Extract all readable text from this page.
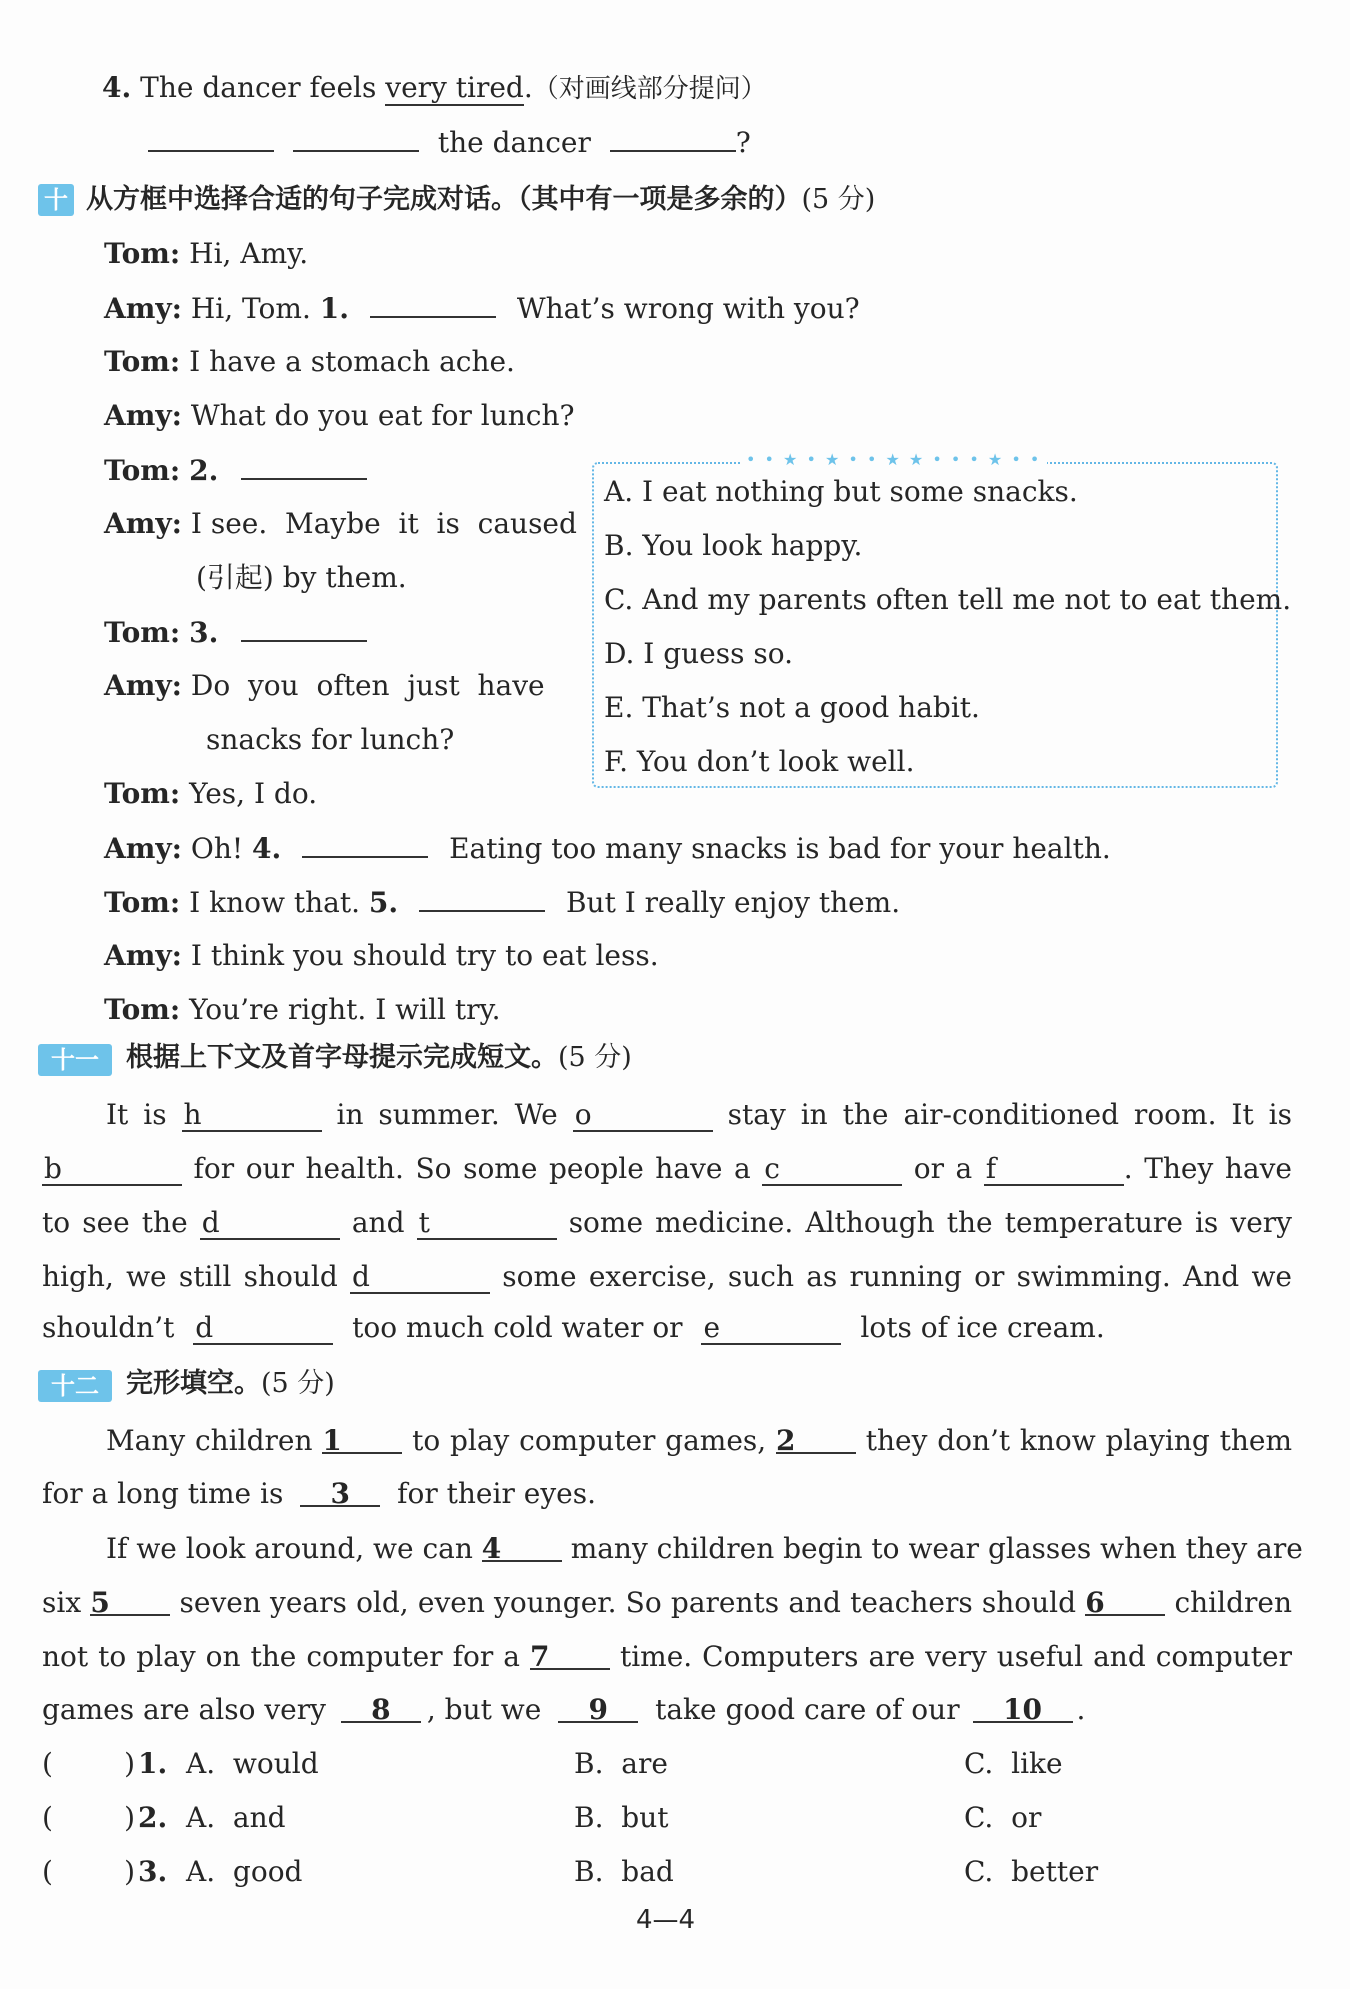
4. The dancer feels very tired.（对画线部分提问）
the dancer	?
十 从方框中选择合适的句子完成对话。（其中有一项是多余的）(5 分)
Tom: Hi, Amy.
Amy: Hi, Tom. 1.	What’s wrong with you?
Tom: I have a stomach ache.
Amy: What do you eat for lunch?
Tom: 2.
Amy: I see.  Maybe  it  is  caused
(引起) by them.
Tom: 3.
Amy: Do  you  often  just  have
snacks for lunch?
Tom: Yes, I do.
Amy: Oh! 4.	Eating too many snacks is bad for your health.
Tom: I know that. 5.	But I really enjoy them.
Amy: I think you should try to eat less.
Tom: You’re right. I will try.
• • ★ • ★ • • ★ ★ • • • ★ • •
A. I eat nothing but some snacks.
B. You look happy.
C. And my parents often tell me not to eat them.
D. I guess so.
E. That’s not a good habit.
F. You don’t look well.
十一	根据上下文及首字母提示完成短文。(5 分)
It is h	in summer. We o	stay in the air-conditioned room. It is
b	for our health. So some people have a c	or a f	. They have
to see the d	and t	some medicine. Although the temperature is very
high, we still should d	some exercise, such as running or swimming. And we
shouldn’t d	too much cold water or e	lots of ice cream.
十二	完形填空。(5 分)
Many children 1	to play computer games, 2	they don’t know playing them
for a long time is 3 for their eyes.
If we look around, we can 4 many children begin to wear glasses when they are
six 5 seven years old, even younger. So parents and teachers should 6 children
not to play on the computer for a 7	time. Computers are very useful and computer
games are also very 8 , but we 9 take good care of our 10 .
(        ) 1. A.  would	B.  are	C.  like
(        ) 2. A.  and	B.  but	C.  or
(        ) 3. A.  good	B.  bad	C.  better
4—4
